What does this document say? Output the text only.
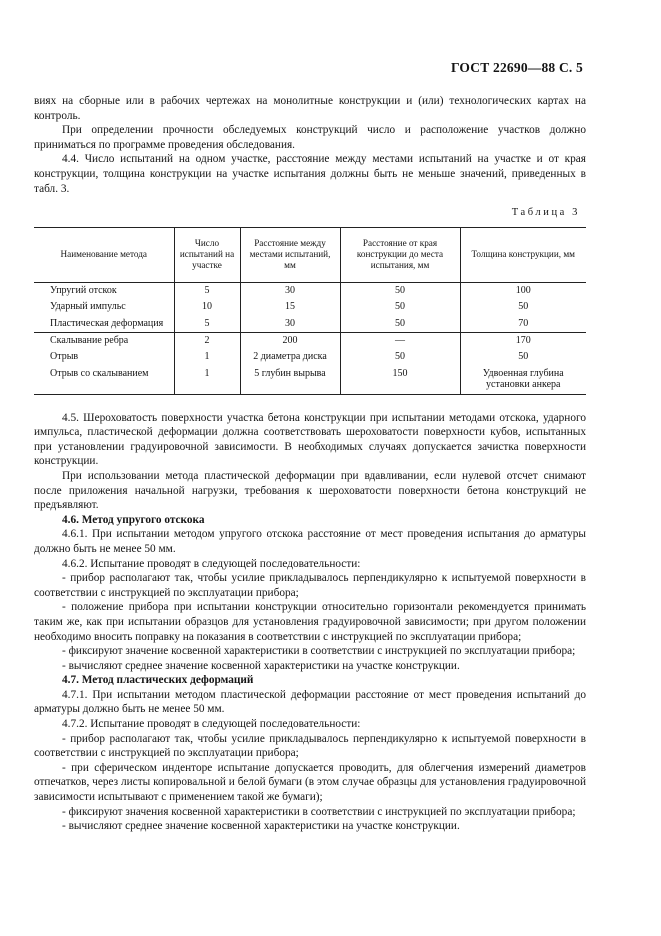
ГОСТ 22690—88 С. 5

виях на сборные или в рабочих чертежах на монолитные конструкции и (или) технологических картах на контроль.

При определении прочности обследуемых конструкций число и расположение участков должно приниматься по программе проведения обследования.

4.4. Число испытаний на одном участке, расстояние между местами испытаний на участке и от края конструкции, толщина конструкции на участке испытания должны быть не меньше значений, приведенных в табл. 3.

Таблица 3
Наименование метода	Число испытаний на участке	Расстояние между местами испытаний, мм	Расстояние от края конструкции до места испытания, мм	Толщина конструкции, мм
Упругий отскок	5	30	50	100
Ударный импульс	10	15	50	50
Пластическая деформация	5	30	50	70
Скалывание ребра	2	200	—	170
Отрыв	1	2 диаметра диска	50	50
Отрыв со скалыванием	1	5 глубин вырыва	150	Удвоенная глубина установки анкера

4.5. Шероховатость поверхности участка бетона конструкции при испытании методами отскока, ударного импульса, пластической деформации должна соответствовать шероховатости поверхности кубов, испытанных при установлении градуировочной зависимости. В необходимых случаях допускается зачистка поверхности конструкции.

При использовании метода пластической деформации при вдавливании, если нулевой отсчет снимают после приложения начальной нагрузки, требования к шероховатости поверхности бетона конструкций не предъявляют.

4.6. Метод упругого отскока

4.6.1. При испытании методом упругого отскока расстояние от мест проведения испытания до арматуры должно быть не менее 50 мм.

4.6.2. Испытание проводят в следующей последовательности:

- прибор располагают так, чтобы усилие прикладывалось перпендикулярно к испытуемой поверхности в соответствии с инструкцией по эксплуатации прибора;

- положение прибора при испытании конструкции относительно горизонтали рекомендуется принимать таким же, как при испытании образцов для установления градуировочной зависимости; при другом положении необходимо вносить поправку на показания в соответствии с инструкцией по эксплуатации прибора;

- фиксируют значение косвенной характеристики в соответствии с инструкцией по эксплуатации прибора;

- вычисляют среднее значение косвенной характеристики на участке конструкции.

4.7. Метод пластических деформаций

4.7.1. При испытании методом пластической деформации расстояние от мест проведения испытаний до арматуры должно быть не менее 50 мм.

4.7.2. Испытание проводят в следующей последовательности:

- прибор располагают так, чтобы усилие прикладывалось перпендикулярно к испытуемой поверхности в соответствии с инструкцией по эксплуатации прибора;

- при сферическом инденторе испытание допускается проводить, для облегчения измерений диаметров отпечатков, через листы копировальной и белой бумаги (в этом случае образцы для установления градуировочной зависимости испытывают с применением такой же бумаги);

- фиксируют значения косвенной характеристики в соответствии с инструкцией по эксплуатации прибора;

- вычисляют среднее значение косвенной характеристики на участке конструкции.
